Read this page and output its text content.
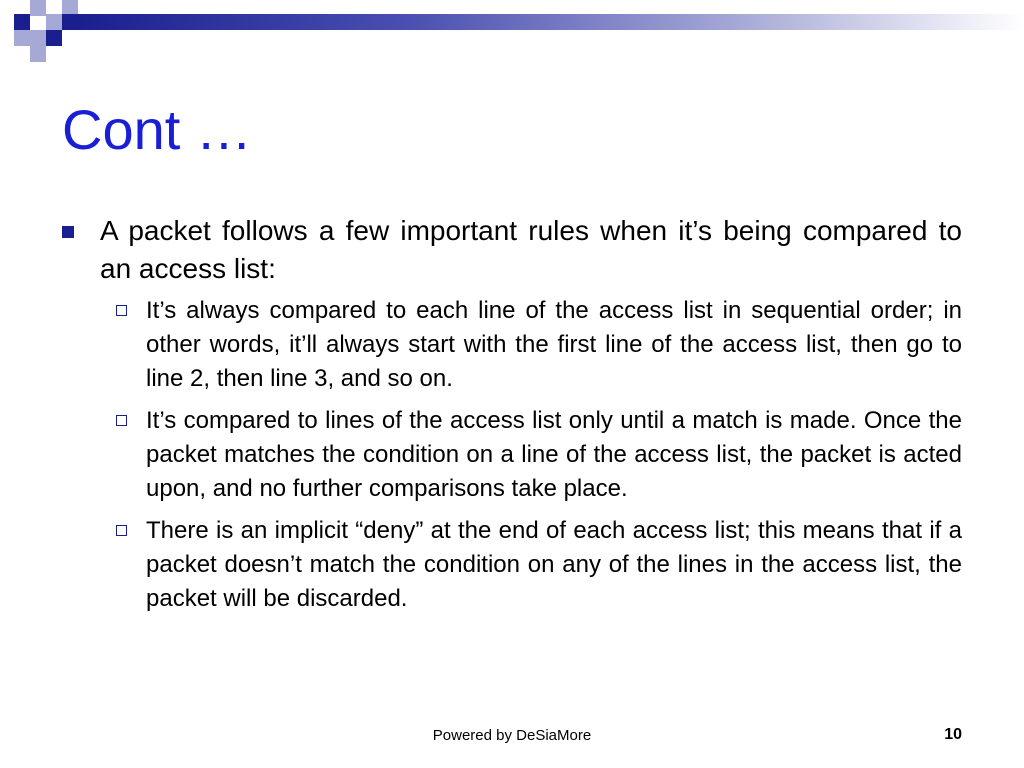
Cont …
A packet follows a few important rules when it’s being compared to an access list:
It’s always compared to each line of the access list in sequential order; in other words, it’ll always start with the first line of the access list, then go to line 2, then line 3, and so on.
It’s compared to lines of the access list only until a match is made. Once the packet matches the condition on a line of the access list, the packet is acted upon, and no further comparisons take place.
There is an implicit “deny” at the end of each access list; this means that if a packet doesn’t match the condition on any of the lines in the access list, the packet will be discarded.
Powered by DeSiaMore	10
